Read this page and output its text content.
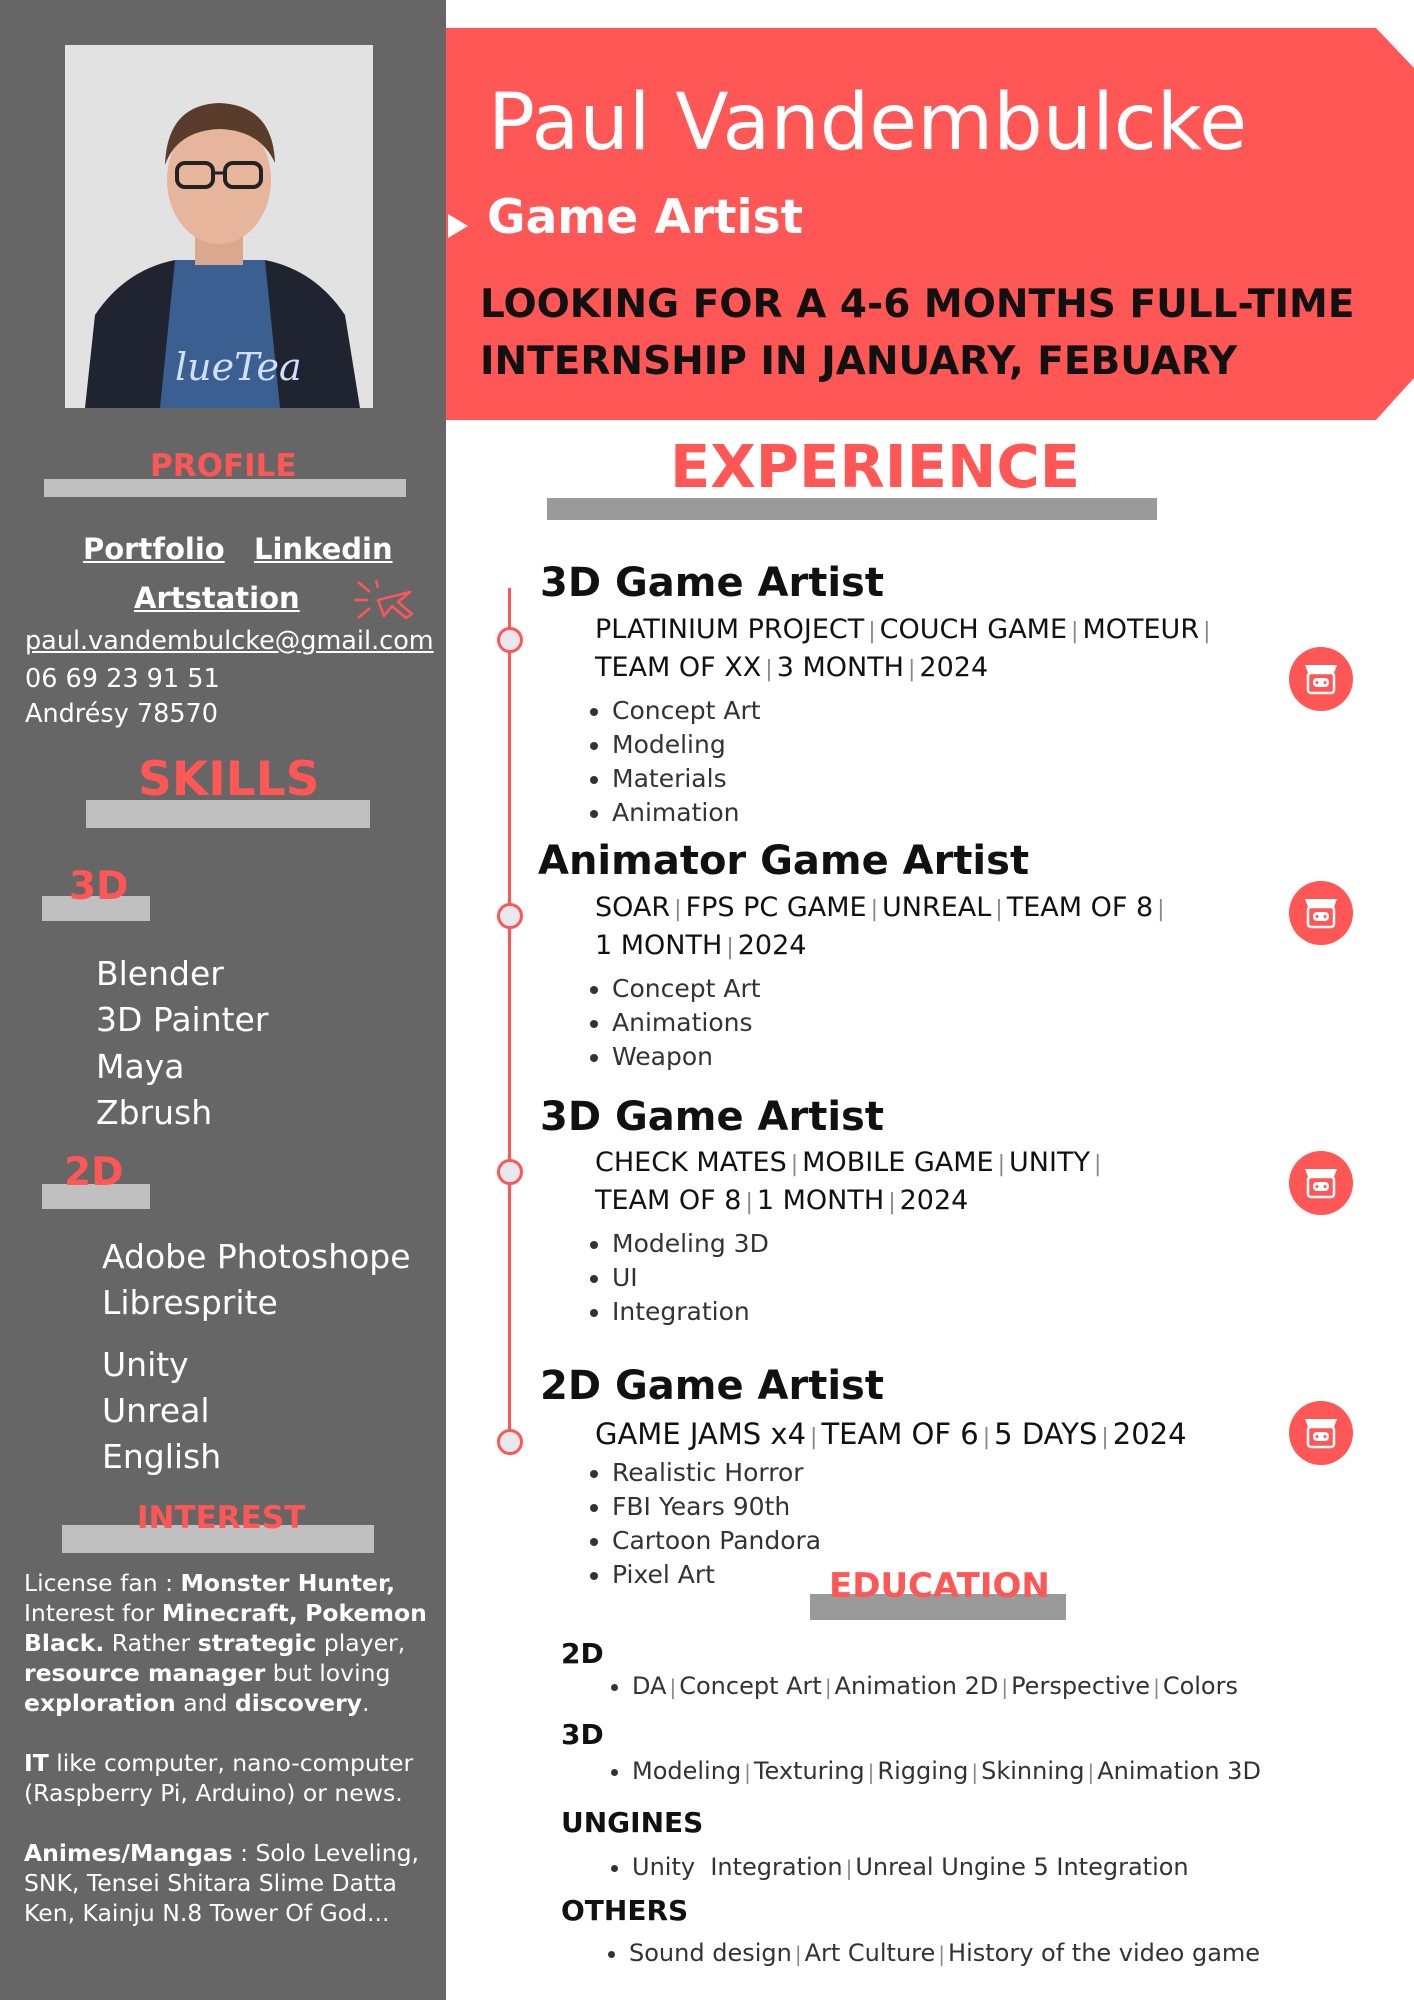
lueTea
PROFILE
Portfolio Linkedin
Artstation
paul.vandembulcke@gmail.com
06 69 23 91 51
Andrésy 78570
SKILLS
3D
Blender
3D Painter
Maya
Zbrush
2D
Adobe Photoshope
Libresprite
Unity
Unreal
English
INTEREST

License fan : Monster Hunter, Interest for Minecraft, Pokemon Black. Rather strategic player, resource manager but loving exploration and discovery.

IT like computer, nano-computer (Raspberry Pi, Arduino) or news.

Animes/Mangas : Solo Leveling, SNK, Tensei Shitara Slime Datta Ken, Kainju N.8 Tower Of God...

Paul Vandembulcke
Game Artist
LOOKING FOR A 4-6 MONTHS FULL-TIME INTERNSHIP IN JANUARY, FEBUARY
EXPERIENCE
3D Game Artist
PLATINIUM PROJECT | COUCH GAME | MOTEUR |
TEAM OF XX | 3 MONTH | 2024
• Concept Art
• Modeling
• Materials
• Animation
Animator Game Artist
SOAR | FPS PC GAME | UNREAL | TEAM OF 8 |
1 MONTH | 2024
• Concept Art
• Animations
• Weapon
3D Game Artist
CHECK MATES | MOBILE GAME | UNITY |
TEAM OF 8 | 1 MONTH | 2024
• Modeling 3D
• UI
• Integration
2D Game Artist
GAME JAMS x4 | TEAM OF 6 | 5 DAYS | 2024
• Realistic Horror
• FBI Years 90th
• Cartoon Pandora
• Pixel Art	EDUCATION
2D
• DA | Concept Art | Animation 2D | Perspective | Colors
3D
• Modeling | Texturing | Rigging | Skinning | Animation 3D
UNGINES
• Unity  Integration | Unreal Ungine 5 Integration
OTHERS
• Sound design | Art Culture | History of the video game
